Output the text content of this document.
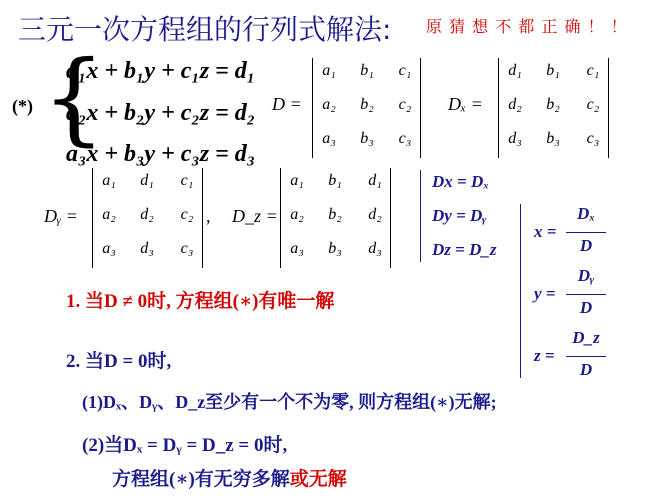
三元一次方程组的行列式解法: 原 猜 想 不 都 正 确 ！ ！
(*) {
a₁x + b₁y + c₁z = d₁
a₂x + b₂y + c₂z = d₂
a₃x + b₃y + c₃z = d₃
D =
a₁	b₁	c₁
a₂	b₂	c₂
a₃	b₃	c₃
Dₓ =
d₁	b₁	c₁
d₂	b₂	c₂
d₃	b₃	c₃
Dᵧ =
a₁	d₁	c₁
a₂	d₂	c₂
a₃	d₃	c₃
, D_z =
a₁	b₁	d₁
a₂	b₂	d₂
a₃	b₃	d₃
Dx = Dₓ
Dy = Dᵧ
Dz = D_z
x =
Dₓ
D
y =
Dᵧ
D
z =
D_z
D
1. 当D ≠ 0时, 方程组(∗)有唯一解
2. 当D = 0时,
(1)Dₓ、Dᵧ、D_z至少有一个不为零, 则方程组(∗)无解;
(2)当Dₓ = Dᵧ = D_z = 0时,
方程组(∗)有无穷多解或无解
